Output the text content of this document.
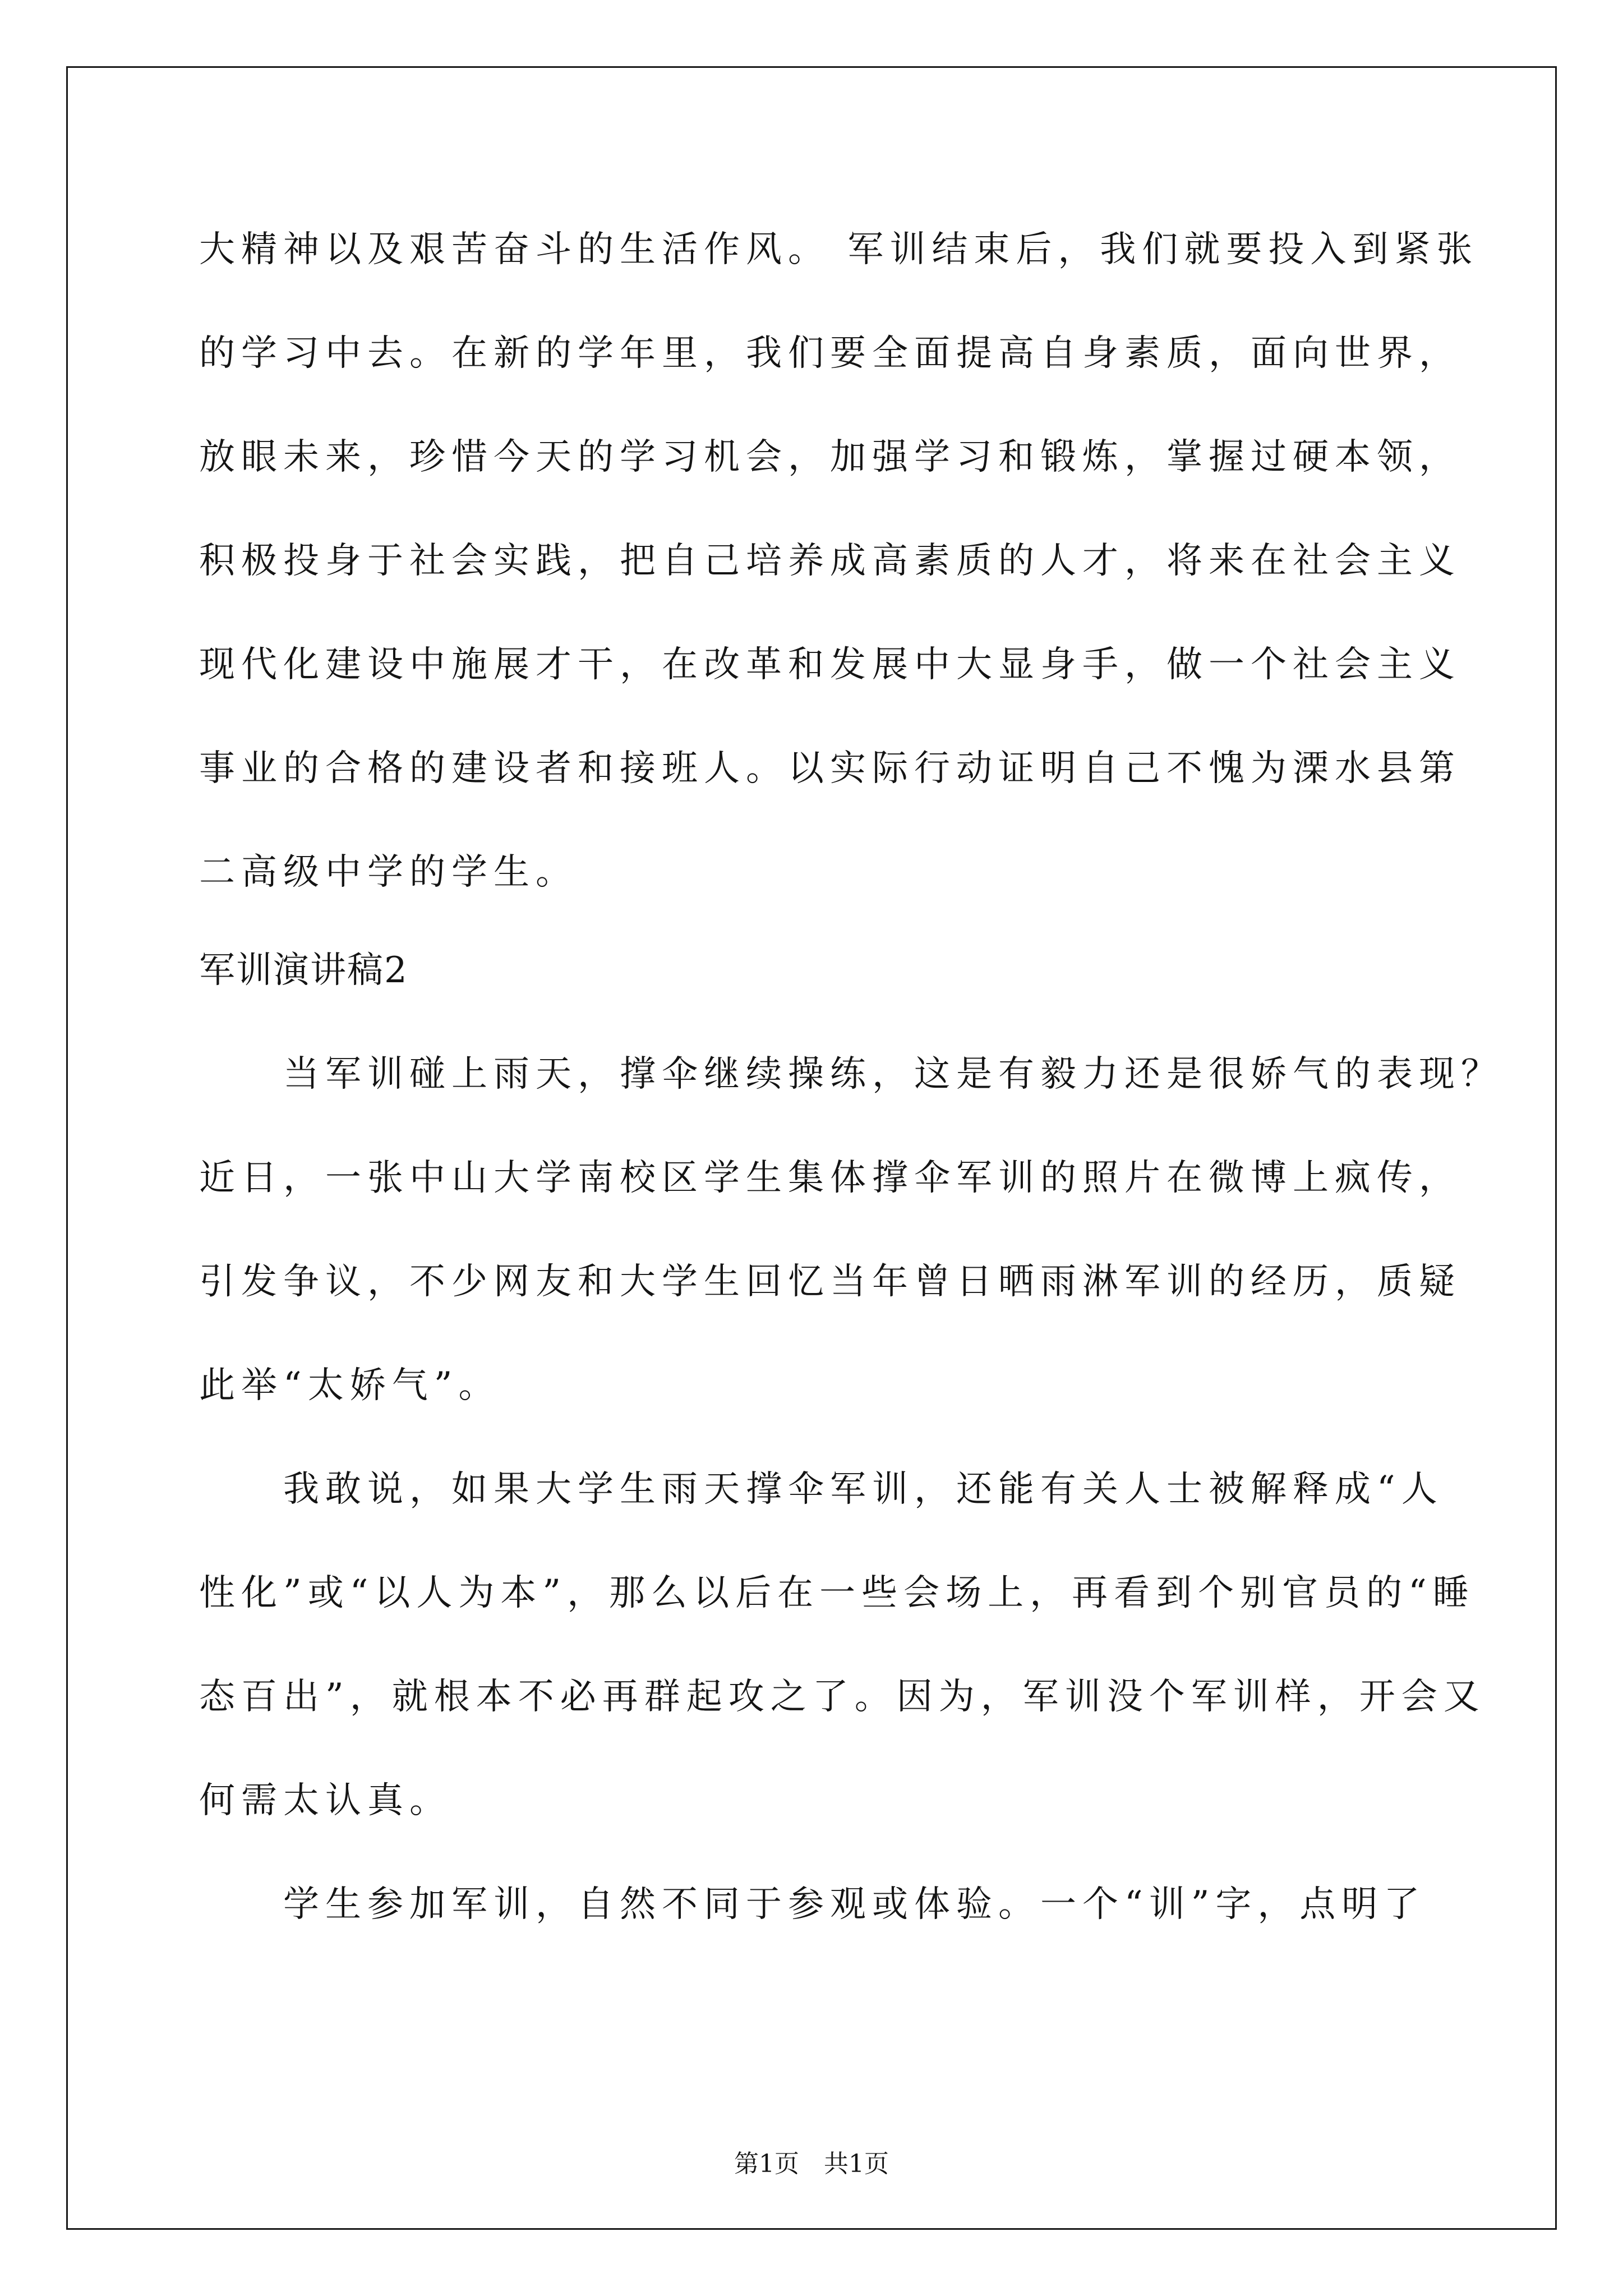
大精神以及艰苦奋斗的生活作风。 军训结束后，我们就要投入到紧张
的学习中去。在新的学年里，我们要全面提高自身素质，面向世界，
放眼未来，珍惜今天的学习机会，加强学习和锻炼，掌握过硬本领，
积极投身于社会实践，把自己培养成高素质的人才，将来在社会主义
现代化建设中施展才干，在改革和发展中大显身手，做一个社会主义
事业的合格的建设者和接班人。以实际行动证明自己不愧为溧水县第
二高级中学的学生。
军训演讲稿2
当军训碰上雨天，撑伞继续操练，这是有毅力还是很娇气的表现？
近日，一张中山大学南校区学生集体撑伞军训的照片在微博上疯传，
引发争议，不少网友和大学生回忆当年曾日晒雨淋军训的经历，质疑
此举“太娇气”。
我敢说，如果大学生雨天撑伞军训，还能有关人士被解释成“人
性化”或“以人为本”，那么以后在一些会场上，再看到个别官员的“睡
态百出”，就根本不必再群起攻之了。因为，军训没个军训样，开会又
何需太认真。
学生参加军训，自然不同于参观或体验。一个“训”字，点明了
第1页　共1页
